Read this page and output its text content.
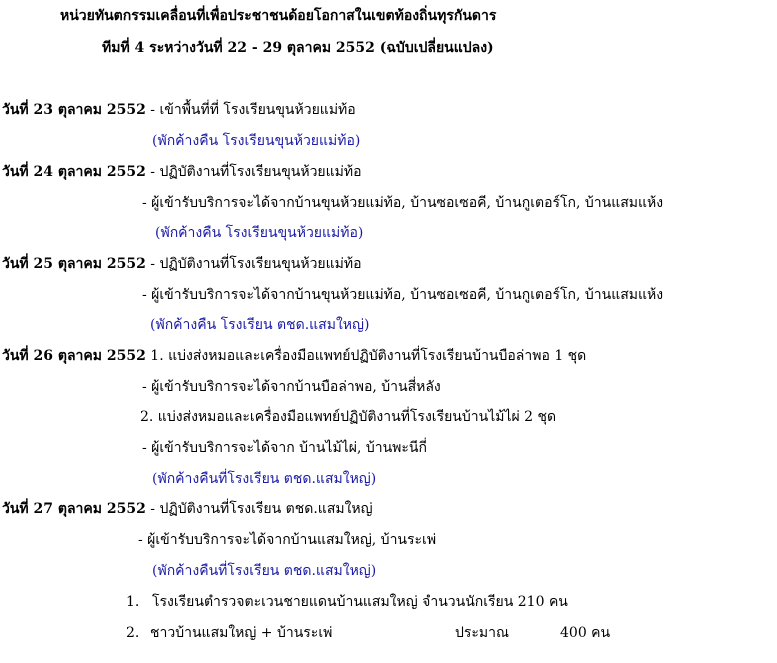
หน่วยทันตกรรมเคลื่อนที่เพื่อประชาชนด้อยโอกาสในเขตท้องถิ่นทุรกันดาร
ทีมที่ 4 ระหว่างวันที่ 22 - 29 ตุลาคม 2552 (ฉบับเปลี่ยนแปลง)
วันที่ 23 ตุลาคม 2552 - เข้าพื้นที่ที่ โรงเรียนขุนห้วยแม่ท้อ
(พักค้างคืน โรงเรียนขุนห้วยแม่ท้อ)
วันที่ 24 ตุลาคม 2552 - ปฏิบัติงานที่โรงเรียนขุนห้วยแม่ท้อ
- ผู้เข้ารับบริการจะได้จากบ้านขุนห้วยแม่ท้อ, บ้านซอเซอคี, บ้านกูเตอร์โก, บ้านแสมแห้ง
(พักค้างคืน โรงเรียนขุนห้วยแม่ท้อ)
วันที่ 25 ตุลาคม 2552 - ปฏิบัติงานที่โรงเรียนขุนห้วยแม่ท้อ
- ผู้เข้ารับบริการจะได้จากบ้านขุนห้วยแม่ท้อ, บ้านซอเซอคี, บ้านกูเตอร์โก, บ้านแสมแห้ง
(พักค้างคืน โรงเรียน ตชด.แสมใหญ่)
วันที่ 26 ตุลาคม 2552 1. แบ่งส่งหมอและเครื่องมือแพทย์ปฏิบัติงานที่โรงเรียนบ้านบือล่าพอ 1 ชุด
- ผู้เข้ารับบริการจะได้จากบ้านบือล่าพอ, บ้านสี่หลัง
2. แบ่งส่งหมอและเครื่องมือแพทย์ปฏิบัติงานที่โรงเรียนบ้านไม้ไผ่ 2 ชุด
- ผู้เข้ารับบริการจะได้จาก บ้านไม้ไผ่, บ้านพะนีกี่
(พักค้างคืนที่โรงเรียน ตชด.แสมใหญ่)
วันที่ 27 ตุลาคม 2552 - ปฏิบัติงานที่โรงเรียน ตชด.แสมใหญ่
- ผู้เข้ารับบริการจะได้จากบ้านแสมใหญ่, บ้านระเพ่
(พักค้างคืนที่โรงเรียน ตชด.แสมใหญ่)
1. โรงเรียนตำรวจตะเวนชายแดนบ้านแสมใหญ่ จำนวนนักเรียน 210 คน
2. ชาวบ้านแสมใหญ่ + บ้านระเพ่	ประมาณ	400 คน
